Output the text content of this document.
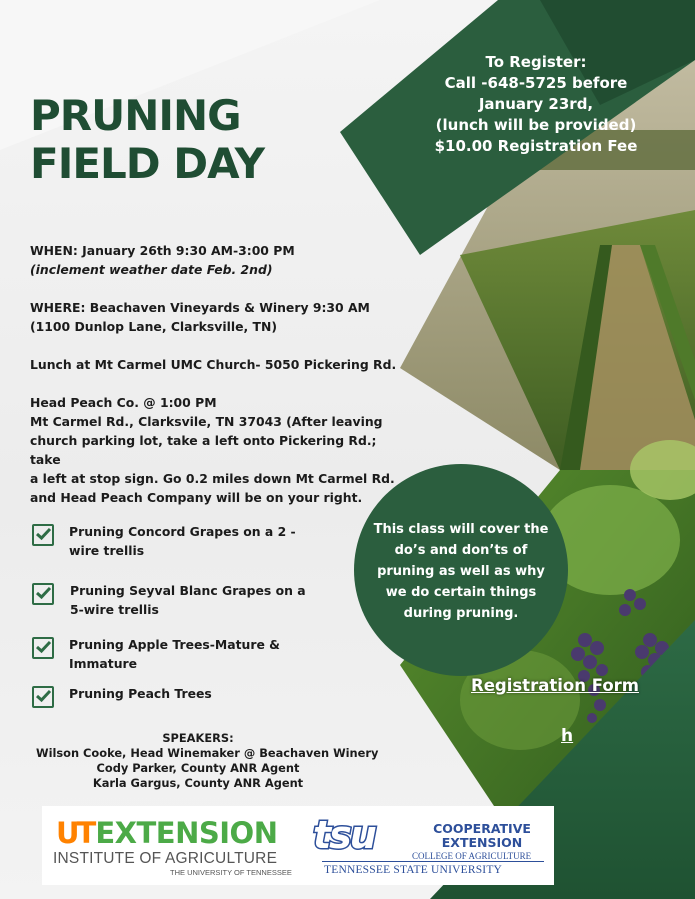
PRUNING
FIELD DAY
To Register:
Call -648-5725 before
January 23rd,
(lunch will be provided)
$10.00 Registration Fee

WHEN: January 26th 9:30 AM-3:00 PM
(inclement weather date Feb. 2nd)

WHERE: Beachaven Vineyards & Winery 9:30 AM
(1100 Dunlop Lane, Clarksville, TN)

Lunch at Mt Carmel UMC Church- 5050 Pickering Rd.

Head Peach Co. @ 1:00 PM
Mt Carmel Rd., Clarksvile, TN 37043 (After leaving
church parking lot, take a left onto Pickering Rd.; take
a left at stop sign. Go 0.2 miles down Mt Carmel Rd.
and Head Peach Company will be on your right.

Pruning Concord Grapes on a 2 -wire trellis
Pruning Seyval Blanc Grapes on a 5-wire trellis
Pruning Apple Trees-Mature & Immature
Pruning Peach Trees
This class will cover the
do’s and don’ts of
pruning as well as why
we do certain things
during pruning.
Registration Form
h
SPEAKERS:
Wilson Cooke, Head Winemaker @ Beachaven Winery
Cody Parker, County ANR Agent
Karla Gargus, County ANR Agent
UTEXTENSION
INSTITUTE OF AGRICULTURE
THE UNIVERSITY OF TENNESSEE
tsu	COOPERATIVE
EXTENSION
COLLEGE OF AGRICULTURE
TENNESSEE STATE UNIVERSITY
